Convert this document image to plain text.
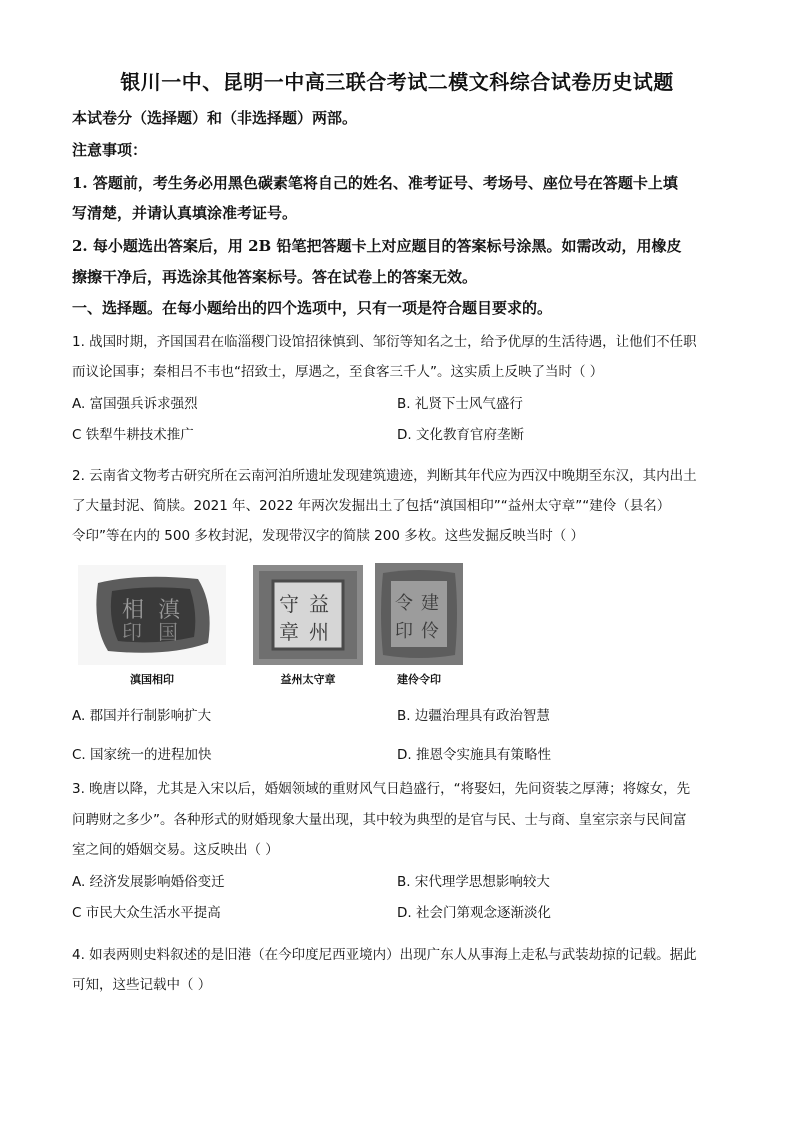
银川一中、昆明一中高三联合考试二模文科综合试卷历史试题
本试卷分（选择题）和（非选择题）两部。
注意事项：
1. 答题前，考生务必用黑色碳素笔将自己的姓名、准考证号、考场号、座位号在答题卡上填
写清楚，并请认真填涂准考证号。
2. 每小题选出答案后，用 2B 铅笔把答题卡上对应题目的答案标号涂黑。如需改动，用橡皮
擦擦干净后，再选涂其他答案标号。答在试卷上的答案无效。
一、选择题。在每小题给出的四个选项中，只有一项是符合题目要求的。
1. 战国时期，齐国国君在临淄稷门设馆招徕慎到、邹衍等知名之士，给予优厚的生活待遇，让他们不任职
而议论国事；秦相吕不韦也“招致士，厚遇之，至食客三千人”。这实质上反映了当时（ ）
A. 富国强兵诉求强烈	B. 礼贤下士风气盛行
C 铁犁牛耕技术推广	D. 文化教育官府垄断
2. 云南省文物考古研究所在云南河泊所遗址发现建筑遗迹，判断其年代应为西汉中晚期至东汉，其内出土
了大量封泥、简牍。2021 年、2022 年两次发掘出土了包括“滇国相印”“益州太守章”“建伶（县名）
令印”等在内的 500 多枚封泥，发现带汉字的简牍 200 多枚。这些发掘反映当时（ ）
相 滇
印 国
滇国相印
守 益
章 州
益州太守章
令 建
印 伶
建伶令印
A. 郡国并行制影响扩大	B. 边疆治理具有政治智慧
C. 国家统一的进程加快	D. 推恩令实施具有策略性
3. 晚唐以降，尤其是入宋以后，婚姻领域的重财风气日趋盛行，“将娶妇，先问资装之厚薄；将嫁女，先
问聘财之多少”。各种形式的财婚现象大量出现，其中较为典型的是官与民、士与商、皇室宗亲与民间富
室之间的婚姻交易。这反映出（ ）
A. 经济发展影响婚俗变迁	B. 宋代理学思想影响较大
C 市民大众生活水平提高	D. 社会门第观念逐渐淡化
4. 如表两则史料叙述的是旧港（在今印度尼西亚境内）出现广东人从事海上走私与武装劫掠的记载。据此
可知，这些记载中（ ）
